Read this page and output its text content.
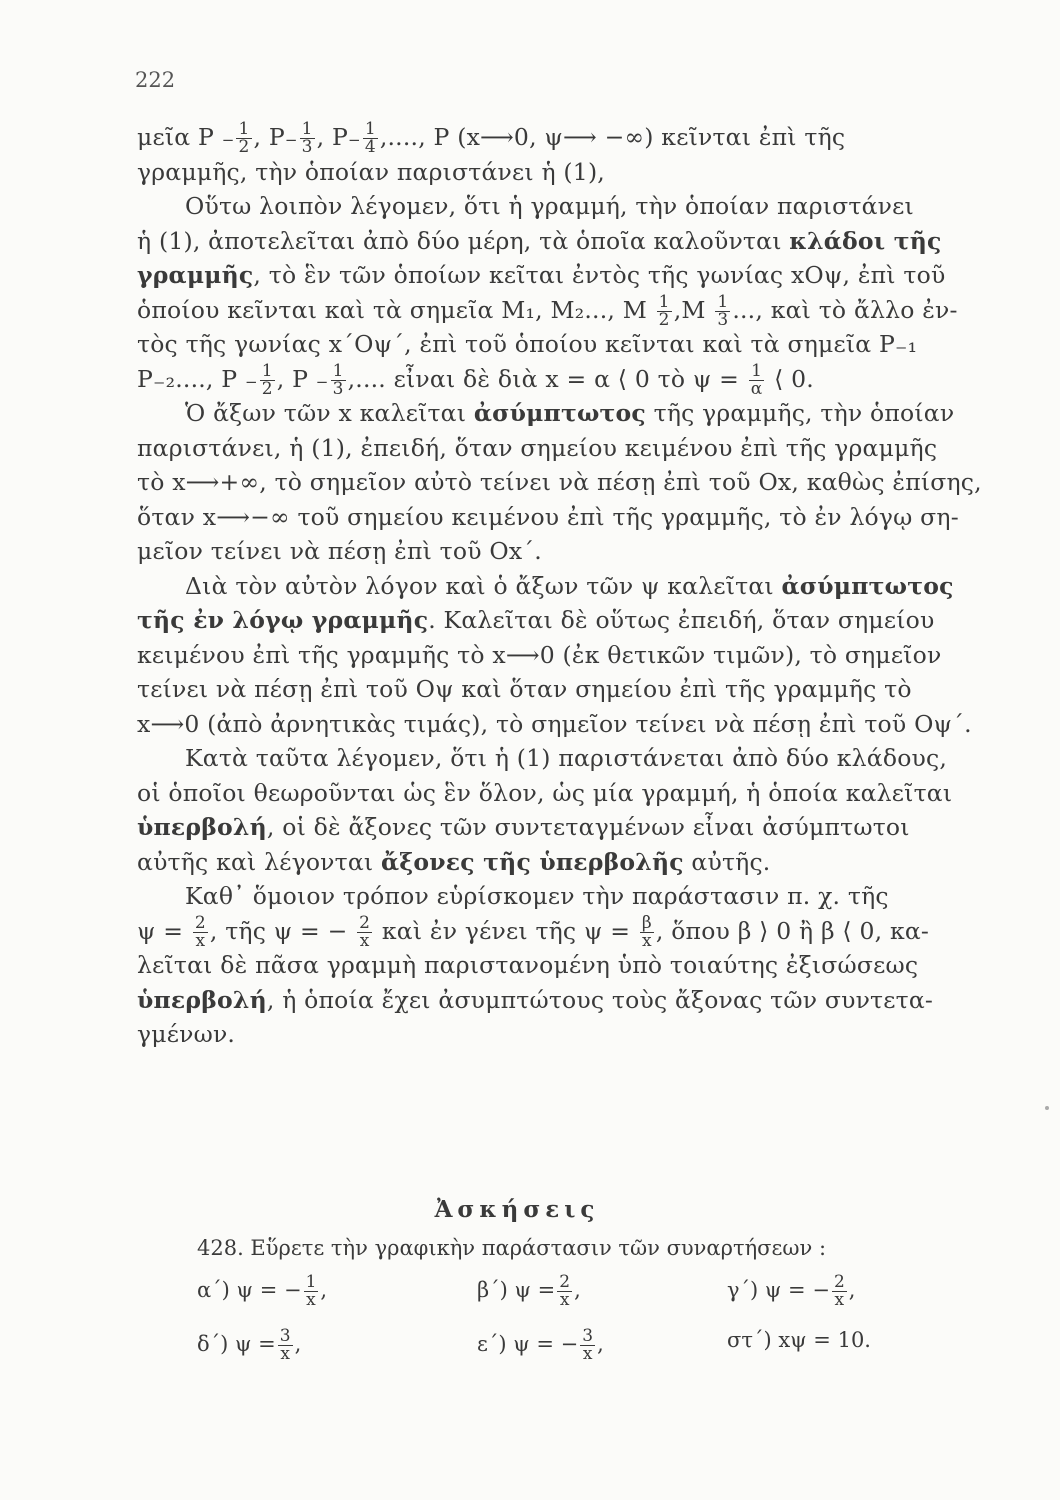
222
μεῖα $P - \frac{1}{2}$ , $P- \frac{1}{3}$ , $P- \frac{1}{4}$ ,...., Ρ (x⟶0, ψ⟶ −∞) κεῖνται ἐπὶ τῆς
γραμμῆς, τὴν ὁποίαν παριστάνει ἡ (1),
Οὕτω λοιπὸν λέγομεν, ὅτι ἡ γραμμή, τὴν ὁποίαν παριστάνει
ἡ (1), ἀποτελεῖται ἀπὸ δύο μέρη, τὰ ὁποῖα καλοῦνται κλάδοι τῆς
γραμμῆς, τὸ ἓν τῶν ὁποίων κεῖται ἐντὸς τῆς γωνίας xOψ, ἐπὶ τοῦ
ὁποίου κεῖνται καὶ τὰ σημεῖα Μ₁, Μ₂..., Μ $\frac{1}{2} ,M \frac{1}{3}$ ..., καὶ τὸ ἄλλο ἐν-
τὸς τῆς γωνίας x΄Oψ΄, ἐπὶ τοῦ ὁποίου κεῖνται καὶ τὰ σημεῖα Ρ₋₁
Ρ₋₂...., $P - \frac{1}{2}$ , $P - \frac{1}{3}$ ,.... εἶναι δὲ διὰ x = α ⟨ 0 τὸ $\psi = \frac{1}{\alpha}$ ⟨ 0.
Ὁ ἄξων τῶν x καλεῖται ἀσύμπτωτος τῆς γραμμῆς, τὴν ὁποίαν
παριστάνει, ἡ (1), ἐπειδή, ὅταν σημείου κειμένου ἐπὶ τῆς γραμμῆς
τὸ x⟶+∞, τὸ σημεῖον αὐτὸ τείνει νὰ πέσῃ ἐπὶ τοῦ Ox, καθὼς ἐπίσης,
ὅταν x⟶−∞ τοῦ σημείου κειμένου ἐπὶ τῆς γραμμῆς, τὸ ἐν λόγῳ ση-
μεῖον τείνει νὰ πέσῃ ἐπὶ τοῦ Ox΄.
Διὰ τὸν αὐτὸν λόγον καὶ ὁ ἄξων τῶν ψ καλεῖται ἀσύμπτωτος
τῆς ἐν λόγῳ γραμμῆς. Καλεῖται δὲ οὕτως ἐπειδή, ὅταν σημείου
κειμένου ἐπὶ τῆς γραμμῆς τὸ x⟶0 (ἐκ θετικῶν τιμῶν), τὸ σημεῖον
τείνει νὰ πέσῃ ἐπὶ τοῦ Oψ καὶ ὅταν σημείου ἐπὶ τῆς γραμμῆς τὸ
x⟶0 (ἀπὸ ἀρνητικὰς τιμάς), τὸ σημεῖον τείνει νὰ πέσῃ ἐπὶ τοῦ Oψ΄.
Κατὰ ταῦτα λέγομεν, ὅτι ἡ (1) παριστάνεται ἀπὸ δύο κλάδους,
οἱ ὁποῖοι θεωροῦνται ὡς ἓν ὅλον, ὡς μία γραμμή, ἡ ὁποία καλεῖται
ὑπερβολή, οἱ δὲ ἄξονες τῶν συντεταγμένων εἶναι ἀσύμπτωτοι
αὐτῆς καὶ λέγονται ἄξονες τῆς ὑπερβολῆς αὐτῆς.
Καθ᾽ ὅμοιον τρόπον εὑρίσκομεν τὴν παράστασιν π. χ. τῆς
$\psi = \frac{2}{x}$ , τῆς ψ = − $\frac{2}{x}$ καὶ ἐν γένει τῆς $\psi = \frac{\beta}{x}$ , ὅπου β ⟩ 0 ἢ β ⟨ 0, κα-
λεῖται δὲ πᾶσα γραμμὴ παριστανομένη ὑπὸ τοιαύτης ἐξισώσεως
ὑπερβολή, ἡ ὁποία ἔχει ἀσυμπτώτους τοὺς ἄξονας τῶν συντετα-
γμένων.
Ἀσκήσεις
428. Εὕρετε τὴν γραφικὴν παράστασιν τῶν συναρτήσεων :
α΄) ψ = − $\frac{1}{x}$ ,	β΄) $\psi = \frac{2}{x}$ ,	γ΄) ψ = − $\frac{2}{x}$ ,
δ΄) $\psi = \frac{3}{x}$ ,	ε΄) ψ = − $\frac{3}{x}$ ,	στ΄) xψ = 10.
